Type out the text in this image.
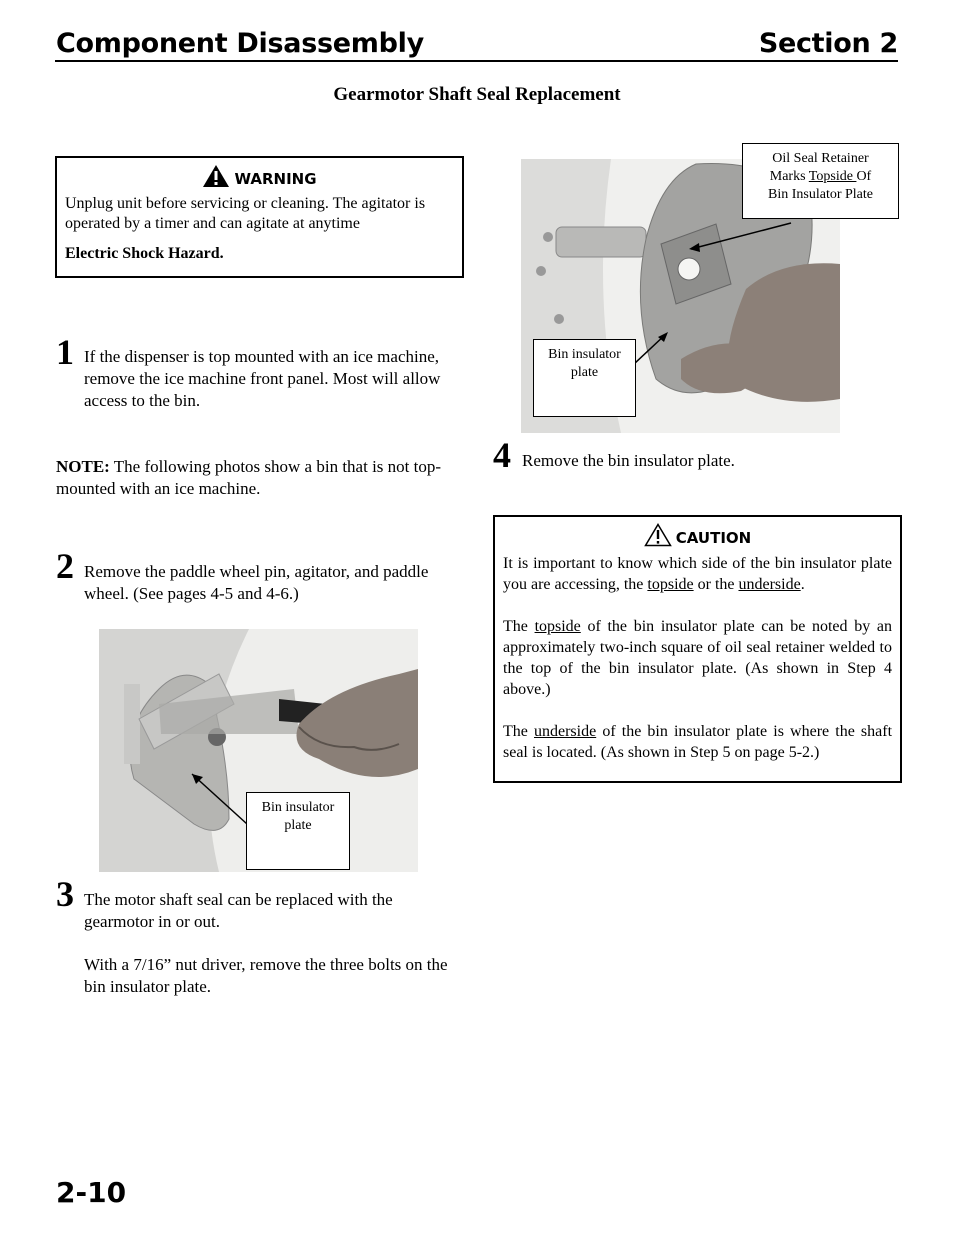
Component Disassembly	Section 2
Gearmotor Shaft Seal Replacement
WARNING
Unplug unit before servicing or cleaning. The agitator is operated by a timer and can agitate at anytime
Electric Shock Hazard.
1 If the dispenser is top mounted with an ice machine, remove the ice machine front panel. Most will allow access to the bin.
NOTE: The following photos show a bin that is not top-mounted with an ice machine.
2 Remove the paddle wheel pin, agitator, and paddle wheel. (See pages 4-5 and 4-6.)
Bin insulator plate
3 The motor shaft seal can be replaced with the gearmotor in or out.
With a 7/16” nut driver, remove the three bolts on the bin insulator plate.
Bin insulator plate
Oil Seal Retainer
Marks Topside Of
Bin Insulator Plate
4 Remove the bin insulator plate.
CAUTION

It is important to know which side of the bin insulator plate you are accessing, the topside or the underside.

The topside of the bin insulator plate can be noted by an approximately two-inch square of oil seal retainer welded to the top of the bin insulator plate. (As shown in Step 4 above.)

The underside of the bin insulator plate is where the shaft seal is located. (As shown in Step 5 on page 5-2.)

2-10
